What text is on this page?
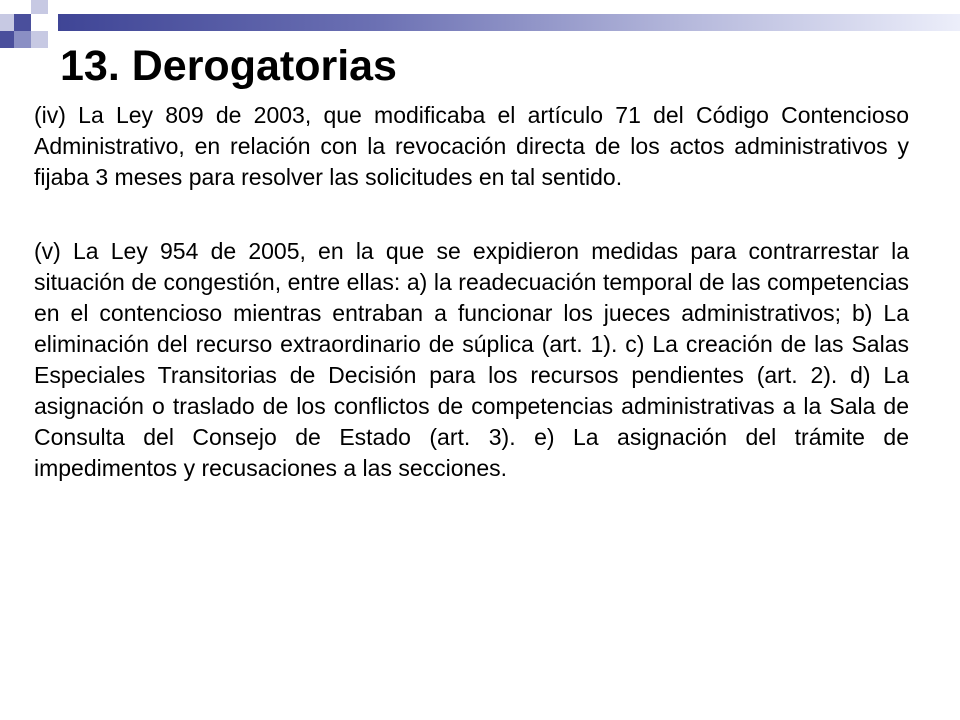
13. Derogatorias

(iv) La Ley 809 de 2003, que modificaba el artículo 71 del Código Contencioso Administrativo, en relación con la revocación directa de los actos administrativos y fijaba 3 meses para resolver las solicitudes en tal sentido.

(v) La Ley 954 de 2005, en la que se expidieron medidas para contrarrestar la situación de congestión, entre ellas: a) la readecuación temporal de las competencias en el contencioso mientras entraban a funcionar los jueces administrativos; b) La eliminación del recurso extraordinario de súplica (art. 1). c) La creación de las Salas Especiales Transitorias de Decisión para los recursos pendientes (art. 2). d) La asignación o traslado de los conflictos de competencias administrativas a la Sala de Consulta del Consejo de Estado (art. 3). e) La asignación del trámite de impedimentos y recusaciones a las secciones.
